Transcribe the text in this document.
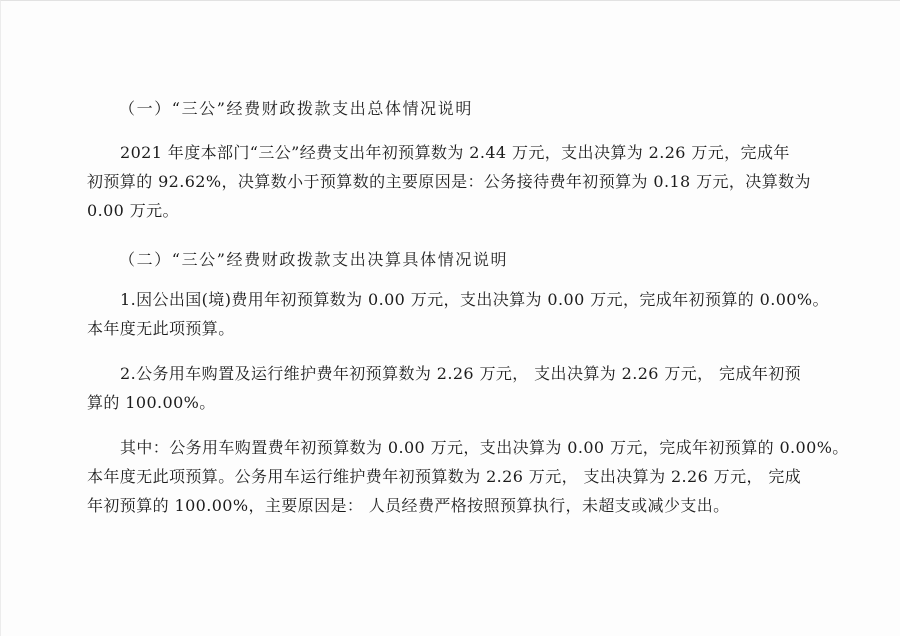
（一）“三公”经费财政拨款支出总体情况说明

2021 年度本部门“三公”经费支出年初预算数为 2.44 万元，支出决算为 2.26 万元，完成年
初预算的 92.62%，决算数小于预算数的主要原因是：公务接待费年初预算为 0.18 万元，决算数为
0.00 万元。

（二）“三公”经费财政拨款支出决算具体情况说明

1.因公出国(境)费用年初预算数为 0.00 万元，支出决算为 0.00 万元，完成年初预算的 0.00%。
本年度无此项预算。
2.公务用车购置及运行维护费年初预算数为 2.26 万元， 支出决算为 2.26 万元， 完成年初预
算的 100.00%。
其中：公务用车购置费年初预算数为 0.00 万元，支出决算为 0.00 万元，完成年初预算的 0.00%。
本年度无此项预算。公务用车运行维护费年初预算数为 2.26 万元， 支出决算为 2.26 万元， 完成
年初预算的 100.00%，主要原因是： 人员经费严格按照预算执行，未超支或减少支出。
